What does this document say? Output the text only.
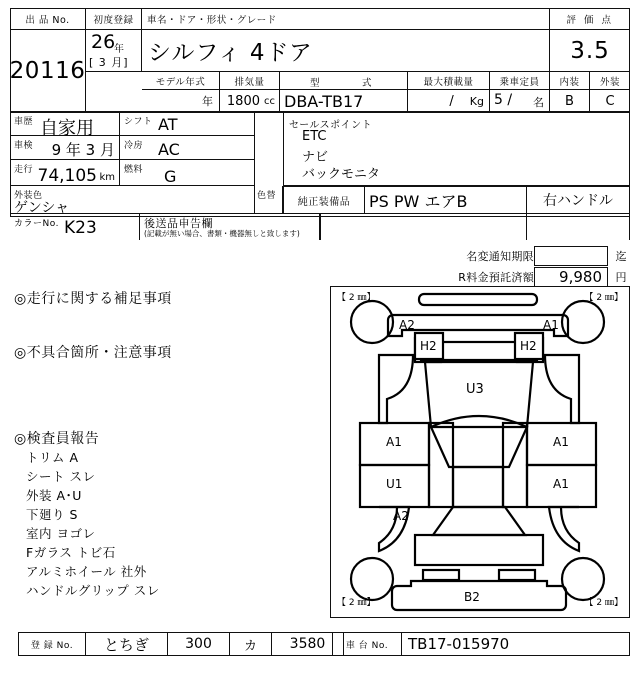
出 品 No.
20116
初度登録
26
年
[ 3 月]
車名・ドア・形状・グレード
シルフィ 4ドア
モデル年式
年
排気量
1800 cc
型	式
DBA-TB17
最大積載量
/	Kg
乗車定員
5 / 名
評 価 点
3.5
内装
B
外装
C
車歴 自家用
車検 9 年 3 月
走行 74,105 km
シフト AT
冷房 AC
燃料 G
外装色
ゲンシャ
色替
カラーNo. K23	後送品申告欄
(記載が無い場合、書類・機器無しと致します)
セールスポイント
ETC
ナビ
バックモニタ
純正装備品 PS PW エアB	右ハンドル
名変通知期限	迄
R料金預託済額	9,980	円
◎走行に関する補足事項
◎不具合箇所・注意事項
◎検査員報告
トリム A
シート スレ
外装 A･U
下廻り S
室内 ヨゴレ
Fガラス トビ石
アルミホイール 社外
ハンドルグリップ スレ
【 2 ㎜】	【 2 ㎜】
【 2 ㎜】	【 2 ㎜】
A2	A1
H2	H2
U3
A1	A1
A1
U1
A2
B2
登 録 No. とちぎ	300 カ 3580 車 台 No.	TB17-015970
